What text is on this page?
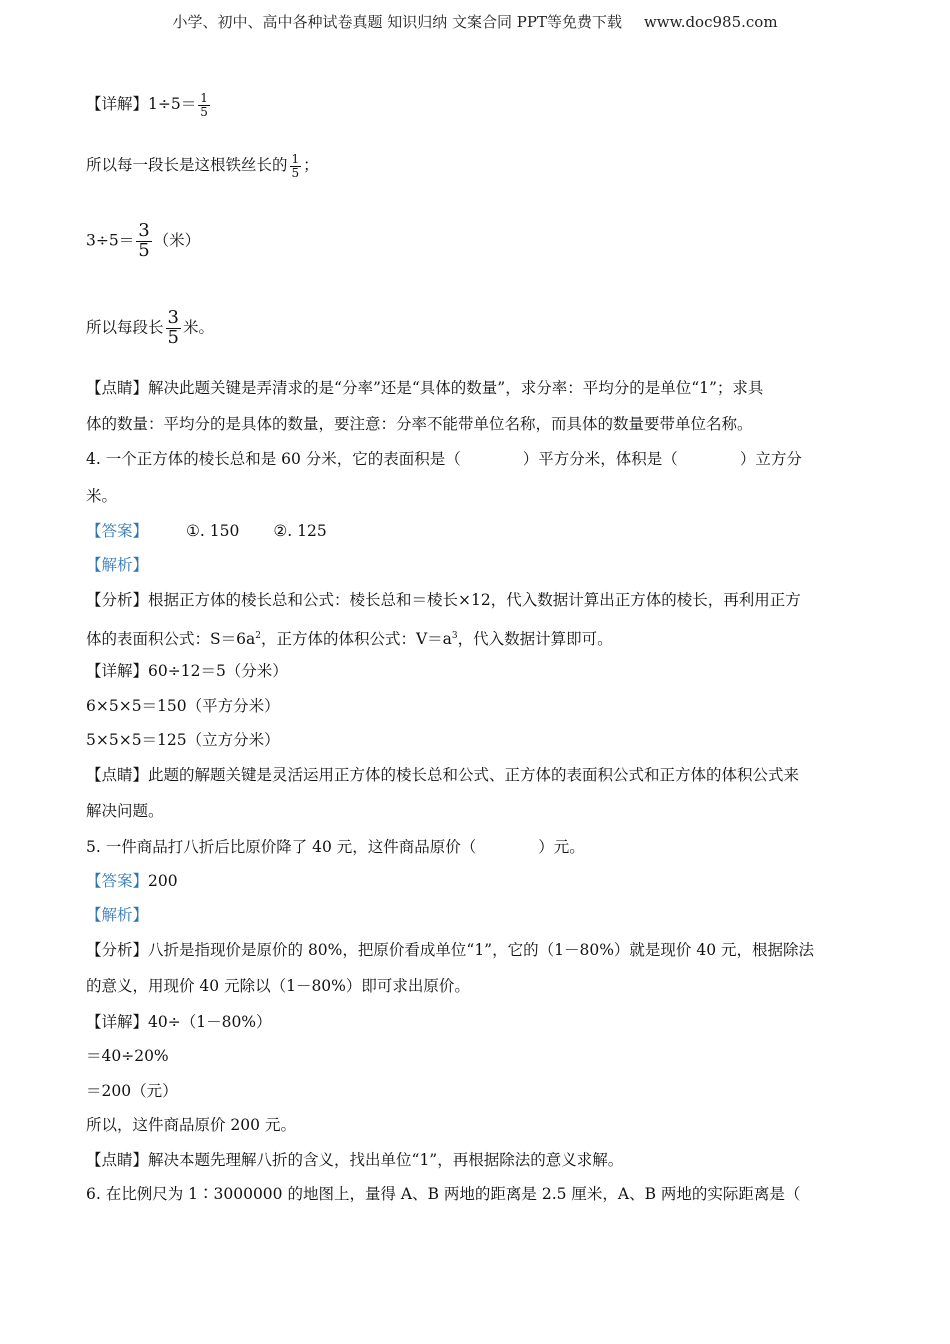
小学、初中、高中各种试卷真题 知识归纳 文案合同 PPT等免费下载 www.doc985.com
【详解】$1\div 5= \frac{1}{5}$
所以每一段长是这根铁丝长的 $\frac{1}{5}$ ；
$3\div 5= \frac{3}{5}$ （米）
所以每段长 $\frac{3}{5}$ 米。
【点睛】解决此题关键是弄清求的是“分率”还是“具体的数量”，求分率：平均分的是单位“1”；求具
体的数量：平均分的是具体的数量，要注意：分率不能带单位名称，而具体的数量要带单位名称。
4. 一个正方体的棱长总和是 60 分米，它的表面积是（	）平方分米，体积是（	）立方分
米。
【答案】 ①. 150 ②. 125
【解析】
【分析】根据正方体的棱长总和公式：棱长总和＝棱长×12，代入数据计算出正方体的棱长，再利用正方
体的表面积公式：$S=6a^2$，正方体的体积公式：$V=a^3$，代入数据计算即可。
【详解】60÷12＝5（分米）
6×5×5＝150（平方分米）
5×5×5＝125（立方分米）
【点睛】此题的解题关键是灵活运用正方体的棱长总和公式、正方体的表面积公式和正方体的体积公式来
解决问题。
5. 一件商品打八折后比原价降了 40 元，这件商品原价（	）元。
【答案】200
【解析】
【分析】八折是指现价是原价的 80%，把原价看成单位“1”，它的（1－80%）就是现价 40 元，根据除法
的意义，用现价 40 元除以（1－80%）即可求出原价。
【详解】40÷（1－80%）
＝40÷20%
＝200（元）
所以，这件商品原价 200 元。
【点睛】解决本题先理解八折的含义，找出单位“1”，再根据除法的意义求解。
6. 在比例尺为 1∶3000000 的地图上，量得 A、B 两地的距离是 2.5 厘米，A、B 两地的实际距离是（
